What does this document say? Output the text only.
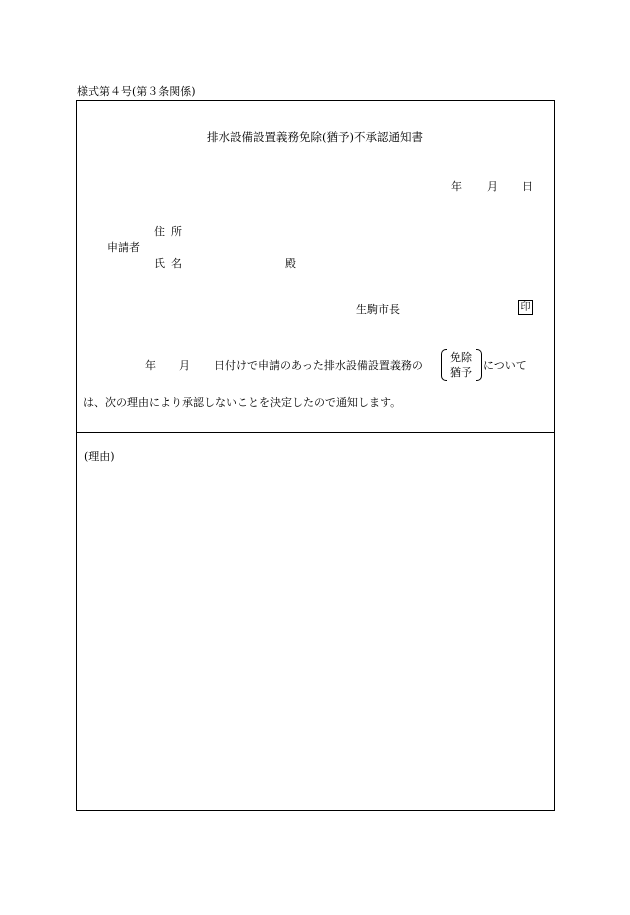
様式第４号(第３条関係)
排水設備設置義務免除(猶予)不承認通知書
年 月 日
住所
申請者
氏名	殿
生駒市長	印
年 月 日付けで申請のあった排水設備設置義務の
免除
猶予
について
は、次の理由により承認しないことを決定したので通知します。
(理由)
